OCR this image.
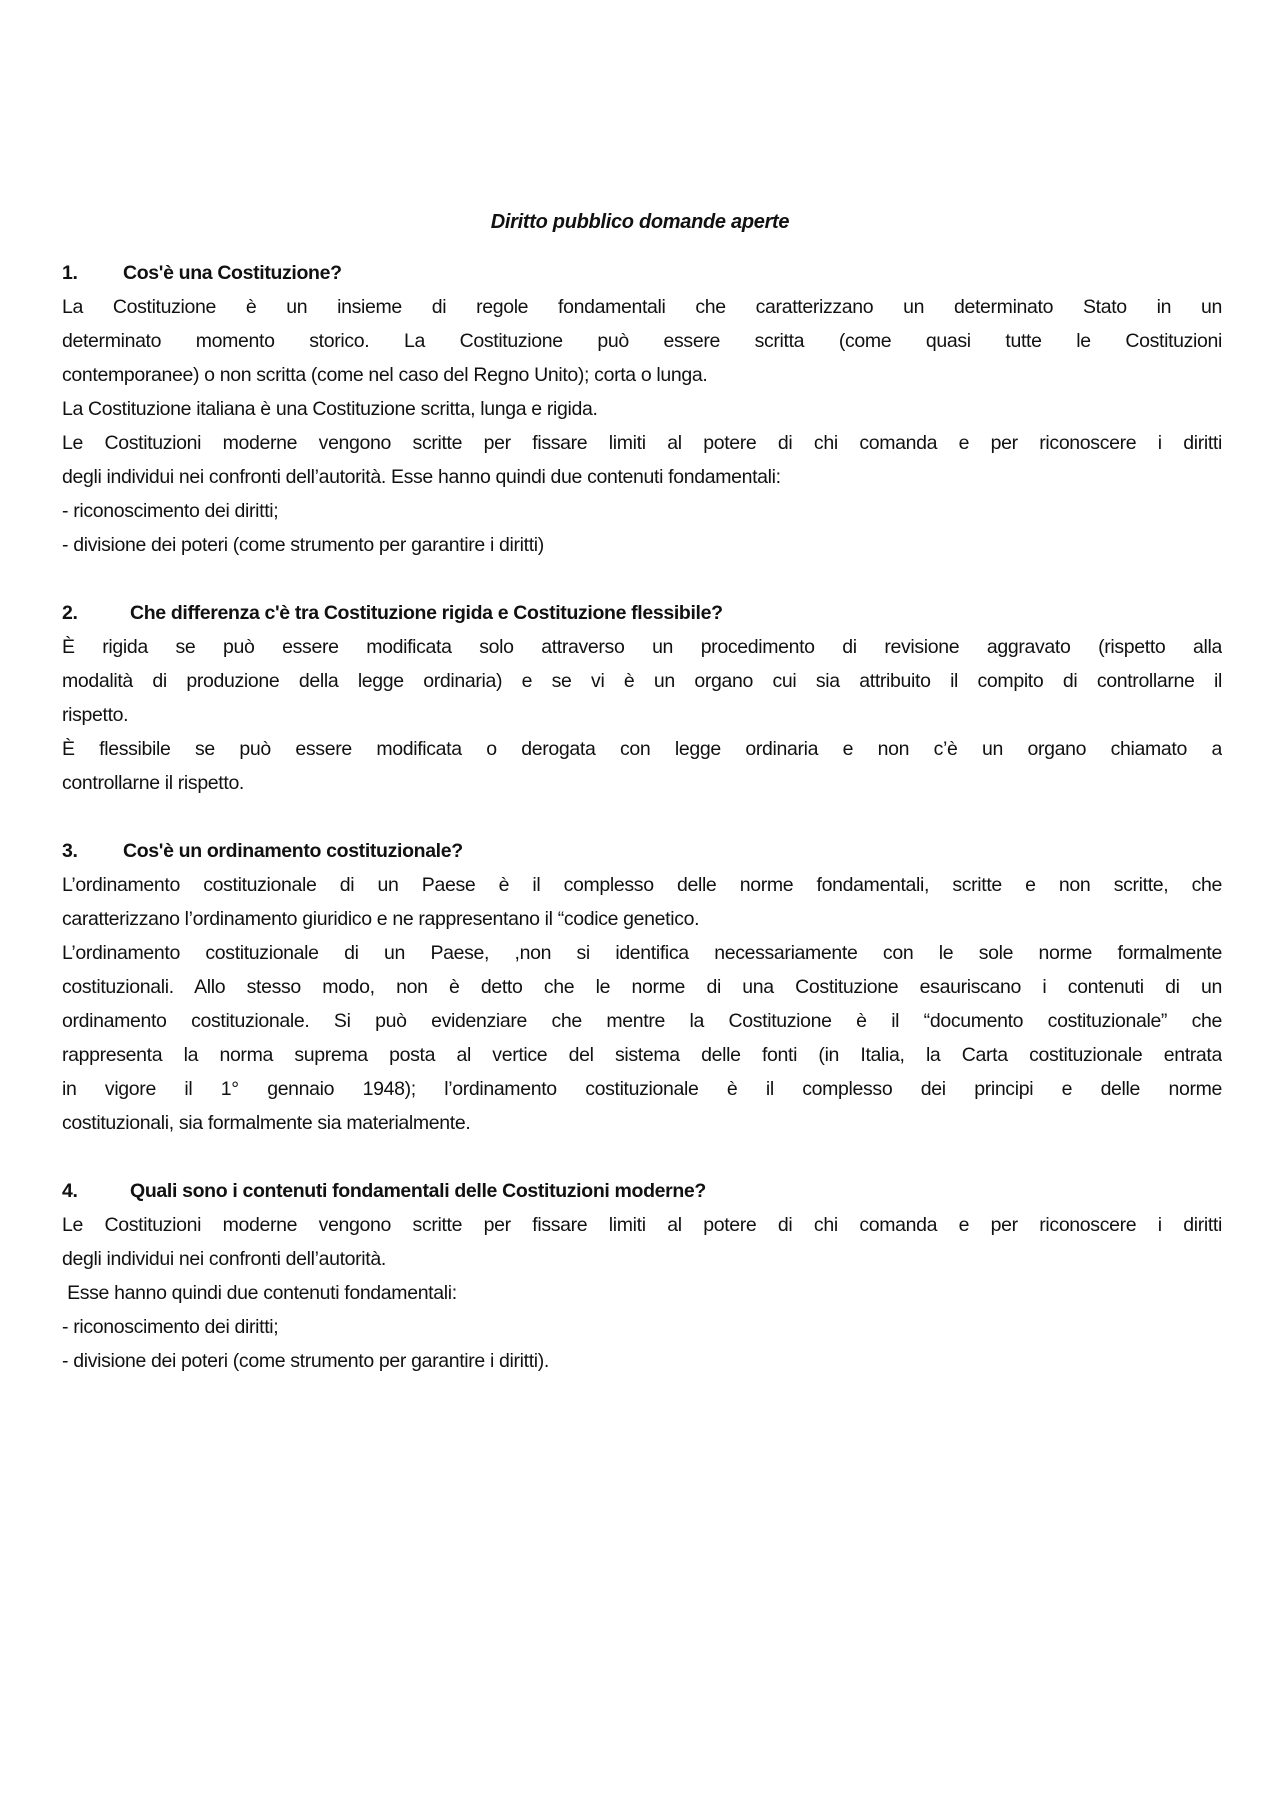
Diritto pubblico domande aperte
1.	Cos'è una Costituzione?
La Costituzione è un insieme di regole fondamentali che caratterizzano un determinato Stato in un
determinato momento storico. La Costituzione può essere scritta (come quasi tutte le Costituzioni
contemporanee) o non scritta (come nel caso del Regno Unito); corta o lunga.
La Costituzione italiana è una Costituzione scritta, lunga e rigida.
Le Costituzioni moderne vengono scritte per fissare limiti al potere di chi comanda e per riconoscere i diritti
degli individui nei confronti dell’autorità. Esse hanno quindi due contenuti fondamentali:
- riconoscimento dei diritti;
- divisione dei poteri (come strumento per garantire i diritti)
2.	Che differenza c'è tra Costituzione rigida e Costituzione flessibile?
È rigida se può essere modificata solo attraverso un procedimento di revisione aggravato (rispetto alla
modalità di produzione della legge ordinaria) e se vi è un organo cui sia attribuito il compito di controllarne il
rispetto.
È flessibile se può essere modificata o derogata con legge ordinaria e non c’è un organo chiamato a
controllarne il rispetto.
3.	Cos'è un ordinamento costituzionale?
L’ordinamento costituzionale di un Paese è il complesso delle norme fondamentali, scritte e non scritte, che
caratterizzano l’ordinamento giuridico e ne rappresentano il “codice genetico.
L’ordinamento costituzionale di un Paese, ,non si identifica necessariamente con le sole norme formalmente
costituzionali. Allo stesso modo, non è detto che le norme di una Costituzione esauriscano i contenuti di un
ordinamento costituzionale. Si può evidenziare che mentre la Costituzione è il “documento costituzionale” che
rappresenta la norma suprema posta al vertice del sistema delle fonti (in Italia, la Carta costituzionale entrata
in vigore il 1° gennaio 1948); l’ordinamento costituzionale è il complesso dei principi e delle norme
costituzionali, sia formalmente sia materialmente.
4.	Quali sono i contenuti fondamentali delle Costituzioni moderne?
Le Costituzioni moderne vengono scritte per fissare limiti al potere di chi comanda e per riconoscere i diritti
degli individui nei confronti dell’autorità.
Esse hanno quindi due contenuti fondamentali:
- riconoscimento dei diritti;
- divisione dei poteri (come strumento per garantire i diritti).
